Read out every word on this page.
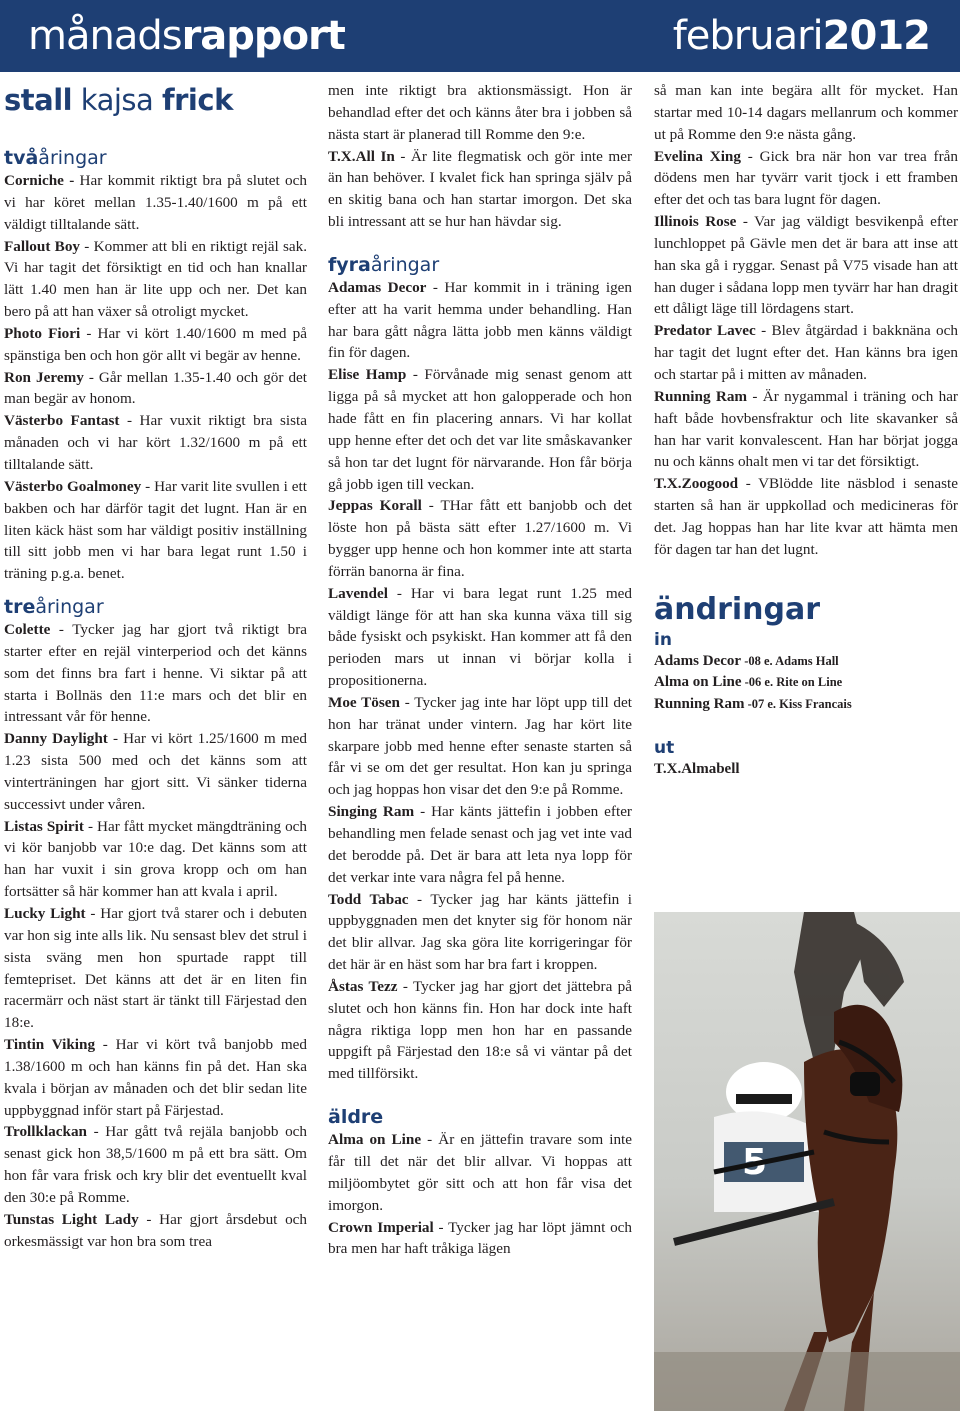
månadsrapport	februari2012
stall kajsa frick
tvååringar

Corniche - Har kommit riktigt bra på slutet och vi har köret mellan 1.35-1.40/1600 m på ett väldigt tilltalande sätt.

Fallout Boy - Kommer att bli en riktigt rejäl sak. Vi har tagit det försiktigt en tid och han knallar lätt 1.40 men han är lite upp och ner. Det kan bero på att han växer så otroligt mycket.

Photo Fiori - Har vi kört 1.40/1600 m med på spänstiga ben och hon gör allt vi begär av henne.

Ron Jeremy - Går mellan 1.35-1.40 och gör det man begär av honom.

Västerbo Fantast - Har vuxit riktigt bra sista månaden och vi har kört 1.32/1600 m på ett tilltalande sätt.

Västerbo Goalmoney - Har varit lite svullen i ett bakben och har därför tagit det lugnt. Han är en liten käck häst som har väldigt positiv inställning till sitt jobb men vi har bara legat runt 1.50 i träning p.g.a. benet.

treåringar

Colette - Tycker jag har gjort två riktigt bra starter efter en rejäl vinterperiod och det känns som det finns bra fart i henne. Vi siktar på att starta i Bollnäs den 11:e mars och det blir en intressant vår för henne.

Danny Daylight - Har vi kört 1.25/1600 m med 1.23 sista 500 med och det känns som att vinterträningen har gjort sitt. Vi sänker tiderna successivt under våren.

Listas Spirit - Har fått mycket mängdträning och vi kör banjobb var 10:e dag. Det känns som att han har vuxit i sin grova kropp och om han fortsätter så här kommer han att kvala i april.

Lucky Light - Har gjort två starer och i debuten var hon sig inte alls lik. Nu sensast blev det strul i sista sväng men hon spurtade rappt till femtepriset. Det känns att det är en liten fin racermärr och näst start är tänkt till Färjestad den 18:e.

Tintin Viking - Har vi kört två banjobb med 1.38/1600 m och han känns fin på det. Han ska kvala i början av månaden och det blir sedan lite uppbyggnad inför start på Färjestad.

Trollklackan - Har gått två rejäla banjobb och senast gick hon 38,5/1600 m på ett bra sätt. Om hon får vara frisk och kry blir det eventuellt kval den 30:e på Romme.

Tunstas Light Lady - Har gjort årsdebut och orkesmässigt var hon bra som trea

men inte riktigt bra aktionsmässigt. Hon är behandlad efter det och känns åter bra i jobben så nästa start är planerad till Romme den 9:e.

T.X.All In - Är lite flegmatisk och gör inte mer än han behöver. I kvalet fick han springa själv på en skitig bana och han startar imorgon. Det ska bli intressant att se hur han hävdar sig.

fyraåringar

Adamas Decor - Har kommit in i träning igen efter att ha varit hemma under behandling. Han har bara gått några lätta jobb men känns väldigt fin för dagen.

Elise Hamp - Förvånade mig senast genom att ligga på så mycket att hon galopperade och hon hade fått en fin placering annars. Vi har kollat upp henne efter det och det var lite småskavanker så hon tar det lugnt för närvarande. Hon får börja gå jobb igen till veckan.

Jeppas Korall - THar fått ett banjobb och det löste hon på bästa sätt efter 1.27/1600 m. Vi bygger upp henne och hon kommer inte att starta förrän banorna är fina.

Lavendel - Har vi bara legat runt 1.25 med väldigt länge för att han ska kunna växa till sig både fysiskt och psykiskt. Han kommer att få den perioden mars ut innan vi börjar kolla i propositionerna.

Moe Tösen - Tycker jag inte har löpt upp till det hon har tränat under vintern. Jag har kört lite skarpare jobb med henne efter senaste starten så får vi se om det ger resultat. Hon kan ju springa och jag hoppas hon visar det den 9:e på Romme.

Singing Ram - Har känts jättefin i jobben efter behandling men felade senast och jag vet inte vad det berodde på. Det är bara att leta nya lopp för det verkar inte vara några fel på henne.

Todd Tabac - Tycker jag har känts jättefin i uppbyggnaden men det knyter sig för honom när det blir allvar. Jag ska göra lite korrigeringar för det här är en häst som har bra fart i kroppen.

Åstas Tezz - Tycker jag har gjort det jättebra på slutet och hon känns fin. Hon har dock inte haft några riktiga lopp men hon har en passande uppgift på Färjestad den 18:e så vi väntar på det med tillförsikt.

äldre

Alma on Line - Är en jättefin travare som inte får till det när det blir allvar. Vi hoppas att miljöombytet gör sitt och att hon får visa det imorgon.

Crown Imperial - Tycker jag har löpt jämnt och bra men har haft tråkiga lägen

så man kan inte begära allt för mycket. Han startar med 10-14 dagars mellanrum och kommer ut på Romme den 9:e nästa gång.

Evelina Xing - Gick bra när hon var trea från dödens men har tyvärr varit tjock i ett framben efter det och tas bara lugnt för dagen.

Illinois Rose - Var jag väldigt besvikenpå efter lunchloppet på Gävle men det är bara att inse att han ska gå i ryggar. Senast på V75 visade han att han duger i sådana lopp men tyvärr har han dragit ett dåligt läge till lördagens start.

Predator Lavec - Blev åtgärdad i bakknäna och har tagit det lugnt efter det. Han känns bra igen och startar på i mitten av månaden.

Running Ram - Är nygammal i träning och har haft både hovbensfraktur och lite skavanker så han har varit konvalescent. Han har börjat jogga nu och känns ohalt men vi tar det försiktigt.

T.X.Zoogood - VBlödde lite näsblod i senaste starten så han är uppkollad och medicineras för det. Jag hoppas han har lite kvar att hämta men för dagen tar han det lugnt.

ändringar
in

Adams Decor -08 e. Adams Hall

Alma on Line -06 e. Rite on Line

Running Ram -07 e. Kiss Francais

ut

T.X.Almabell

5
